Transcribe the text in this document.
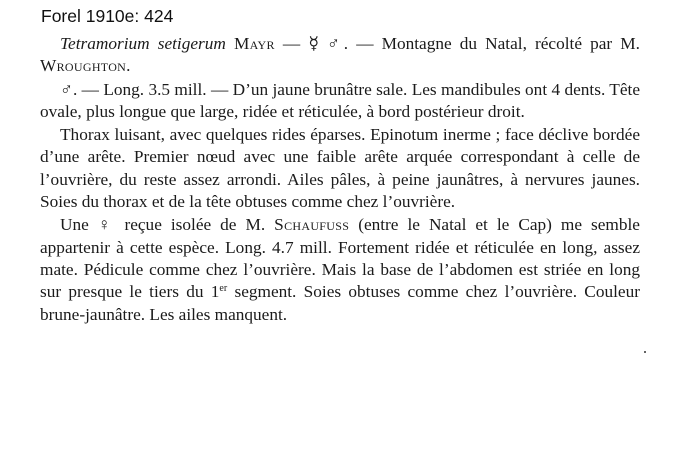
Forel 1910e: 424

Tetramorium setigerum Mayr — ☿ ♂. — Montagne du Natal, récolté par M. Wroughton.

♂. — Long. 3.5 mill. — D’un jaune brunâtre sale. Les mandibules ont 4 dents. Tête ovale, plus longue que large, ridée et réticulée, à bord postérieur droit.

Thorax luisant, avec quelques rides éparses. Epinotum inerme ; face déclive bordée d’une arête. Premier nœud avec une faible arête arquée correspondant à celle de l’ouvrière, du reste assez arrondi. Ailes pâles, à peine jaunâtres, à nervures jaunes. Soies du thorax et de la tête obtuses comme chez l’ouvrière.

Une ♀ reçue isolée de M. Schaufuss (entre le Natal et le Cap) me semble appartenir à cette espèce. Long. 4.7 mill. Fortement ridée et réticulée en long, assez mate. Pédicule comme chez l’ouvrière. Mais la base de l’abdomen est striée en long sur presque le tiers du 1er segment. Soies obtuses comme chez l’ouvrière. Couleur brune-jaunâtre. Les ailes manquent.
